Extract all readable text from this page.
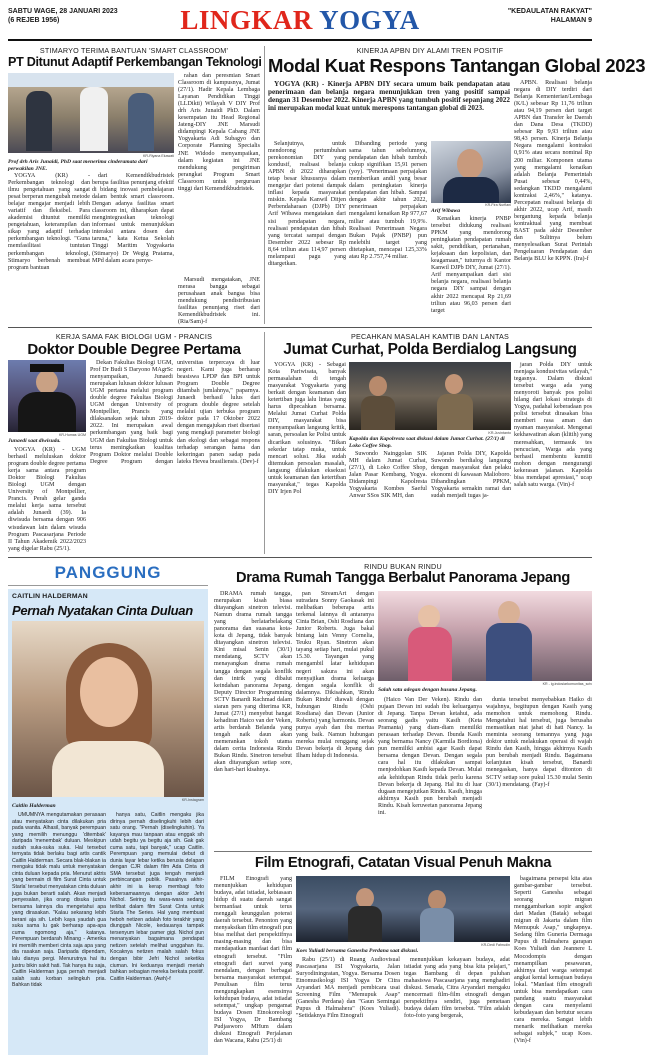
SABTU WAGE, 28 JANUARI 2023
(6 REJEB 1956)	LINGKAR YOGYA	"KEDAULATAN RAKYAT"
HALAMAN 9
STIMARYO TERIMA BANTUAN 'SMART CLASSROOM'
PT Ditunut Adaptif Perkembangan Teknologi
KR-Riyana Ekawati
Prof drh Aris Junaidi, PhD saat menerima cinderamata dari perwakilan JNE.

YOGYA (KR) - Perkembangan teknologi dan ilmu pengetahuan yang sangat pesat berperan mengubah metode belajar mengajar menjadi lebih variatif dan fleksibel. Para akademisi dituntut memiliki pengetahuan, keterampilan dan sikap yang adaptif terhadap perkembangan teknologi. "Guna memfasilitasi tuntutan perkembangan teknologi, Stimaryo berbenah membuat program bantuan

dari Kemendikbudristek berupa fasilitas penunjang efektif di bidang inovasi pembelajaran dalam bentuk smart classroom. Dengan adanya fasilitas smart classroom ini, diharapkan dapat mengintegrasikan teknologi informasi untuk menunjukkan interaksi antara dosen dan taruna," kata Ketua Sekolah Tinggi Maritim Yogyakarta (Stimaryo) Dr Wegig Pratama, MPd dalam acara penye-

rahan dan peresmian Smart Classroom di kampusnya, Jumat (27/1). Hadir Kepala Lembaga Layanan Pendidikan Tinggi (LLDikti) Wilayah V DIY Prof drh Aris Junaidi PhD. Dalam kesempatan itu Head Regional Jateng-DIY JNE Marsudi didampingi Kepala Cabang JNE Yogyakarta Adi Subagyo dan Corporate Planning Specialis JNE Widodo menyampaikan, dalam kegiatan ini JNE mendukung pengiriman perangkat Program Smart Classroom untuk perguruan tinggi dari Kemendikbudristek.

Marsudi mengatakan, JNE merasa bangga sebagai perusahaan anak bangsa bisa mendukung pendistribusian fasilitas penunjang riset dari Kemendikbudristek ini. (Ria/Sam)-f

KINERJA APBN DIY ALAMI TREN POSITIF
Modal Kuat Respons Tantangan Global 2023

YOGYA (KR) - Kinerja APBN DIY secara umum baik pendapatan atau penerimaan dan belanja negara menunjukkan tren yang positif sampai dengan 31 Desember 2022. Kinerja APBN yang tumbuh positif sepanjang 2022 ini merupakan modal kuat untuk merespons tantangan global di 2023.

Selanjutnya, untuk mendorong pertumbuhan perekonomian DIY yang kondusif, realisasi belanja APBN di 2022 diharapkan tetap besar khususnya dalam mengejar dari potensi dampak inflasi kepada masyarakat miskin. Kepala Kanwil Ditjen Perbendaharaan (DJPb) DIY Arif Wibawa mengatakan dari sisi pendapatan negara, realisasi pendapatan dan hibah yang tercatat sampai dengan Desember 2022 sebesar Rp 8,64 triliun atau 114,97 persen melampaui pagu yang ditargetkan.

Dibanding periode yang sama tahun sebelumnya, pendapatan dan hibah tumbuh cukup signifikan 15,91 persen (yoy). "Penerimaan perpajakan memberikan andil yang besar dalam peningkatan kinerja pendapatan dan hibah. Sampai dengan akhir tahun 2022, penerimaan perpajakan mengalami kenaikan Rp 977,67 miliar atau tumbuh 19,9%. Realisasi Penerimaan Negara Bukan Pajak (PNBP) pun melebihi target yang ditetapkan, mencapai 125,33% atau Rp 2.757,74 miliar.

KR-Fira Nurfiani
Arif Wibawa

Kenaikan kinerja PNBP tersebut didukung realisasi PPKM yang mendorong peningkatan pendapatan rumah sakit, pendidikan, pertanahan, kejaksaan dan kepolisian, dan keagamaan," tuturnya di Kantor Kanwil DJPb DIY, Jumat (27/1). Arif menyampaikan dari sisi belanja negara, realisasi belanja negara DIY sampai dengan akhir 2022 mencapai Rp 21,69 triliun atau 96,03 persen dari target

APBN. Realisasi belanja negara di DIY terdiri dari Belanja Kementerian/Lembaga (K/L) sebesar Rp 11,76 triliun atau 94,19 persen dari target APBN dan Transfer ke Daerah dan Dana Desa (TKDD) sebesar Rp 9,93 triliun atau 98,43 persen. Kinerja Belanja Negara mengalami kontraksi 0,91% atau secara nominal Rp 200 miliar. Komponen utama yang mengalami kenaikan adalah Belanja Pemerintah Pusat sebesar 0,44%, sedangkan TKDD mengalami kontraksi 2,46%," katanya. Percepatan realisasi belanja di akhir 2022, ucap Arif, masih bergantung kepada belanja kontraktual yang membuat BAST pada akhir Desember dan Sulitnya belum menyelesaikan Surat Perintah Pengeluaran Pendapatan dan Belanja BLU ke KPPN. (Ira)-f

KERJA SAMA FAK BIOLOGI UGM - PRANCIS
Doktor Double Degree Pertama
KR-Humas UGM
Junaedi saat diwisuda.

YOGYA (KR) - UGM berhasil meluluskan doktor program double degree pertama kerja sama antara program Doktor Biologi Fakultas Biologi UGM dengan University of Montpellier, Prancis. Perah gelar ganda melalui kerja sama tersebut adalah Junaedi (39). Ia diwisuda bersama dengan 906 wisudawan lain dalam wisuda Program Pascasarjana Periode II Tahun Akademik 2022/2023 yang digelar Rabu (25/1).

Dekan Fakultas Biologi UGM, Prof Dr Budi S Daryono MAgrSc menyampaikan, Junaedi merupakan lulusan doktor lulusan UGM pertama melalui program double degree Fakultas Biologi UGM dengan University of Montpellier, Prancis yang dilaksanakan sejak tahun 2019-2022. Ini merupakan awal perkembangan yang baik bagi UGM dan Fakultas Biologi untuk terus meningkatkan kualitas Program Doktor melalui Double Degree Program dengan universitas terpercaya di luar negeri. Kami juga berharap beasiswa LPDP dan BPI untuk Program Double Degree ditambah jumlahnya," paparnya. Junaedi berhasil lulus dari program double degree setelah melalui ujian terbuka program doktor pada 17 Oktober 2022 dengan mengajukan riset disertasi yang mengkaji parameter biologi dan ekologi dan sebagai respons terhadap serangan hama dan kekeringan panen sadap pada lateks Hevea brasiliensis. (Dev)-f

PECAHKAN MASALAH KAMTIB DAN LANTAS
Jumat Curhat, Polda Berdialog Langsung

YOGYA (KR) - Sebagai Kota Pariwisata, banyak permasalahan di tengah masyarakat Yogyakarta yang berkait dengan keamanan dan ketertiban juga lalu lintas yang harus dipecahkan bersama. Melalui Jumat Curhat Polda DIY, masyarakat bisa menyampaikan langsung kritik, saran, persoalan ke Polisi untuk dicarikan solusinya. "Bikan sekedar tatap muka, untuk mencari solusi. Jika sudah ditemukan persoalan masalah, langsung dilakukan eksekusi untuk keamanan dan ketertiban masyarakat," tegas Kapolda DIY Irjen Pol

KR-Juvintanto
Kapolda dan Kapolresta saat diskusi dalam Jumat Curhat. (27/1) di Loko Coffee Shop.

Suwondo Nainggolan SIK MH dalam Jumat Curhat, (27/1), di Loko Coffee Shop, Jalan Pasar Kembang, Yogya. Didampingi Kapolresta Yogyakarta Kombes Saeful Anwar SSos SIK MH, dan

Jajaran Polda DIY, Kapolda Suwondo berdialog langsung dengan masyarakat dan pelaku ekonomi di kawasan Malioboro. Dibandingkan PPKM, Yogyakarta semakin ramai dan sudah menjadi tugas ja-

jaran Polda DIY untuk menjaga kondusivitas wilayah," tegasnya. Dalam diskusi tersebut warga ada yang menyoroti banyak pos polisi hilang dari lokasi strategis di Yogya, padahal keberadaan pos polisi tersebut dirasakan bisa memberi rasa aman dan nyaman masyarakat. Mengenai kekhawatiran akan (klitih) yang meresahkan, termasuk tes pencucian, Warga ada yang berhasil membentu kumtiti mohon dengan mengurangi kekerasan jalanan. Kapolda bisa mendapat apresiasi," ucap salah satu warga. (Vin)-f

PANGGUNG
CAITLIN HALDERMAN
Pernah Nyatakan Cinta Duluan
KR-Instagram
Caitlin Halderman

UMUMNYA mengutamakan perasaan atau menyatakan cinta dilakukan pria pada wanita. Alhasil, banyak perempuan yang memilih menunggu 'ditembak' daripada 'menembak' duluan. Meskipun sudah suka-suka suka. Hal tersebut ternyata tidak berlaku bagi artis cantik Caitlin Halderman. Secara blak-blakan ia mengaku tidak malu untuk menyatakan cinta duluan kepada pria. Menurut aktris yang bermain di film Surat Cinta untuk Starla' tersebut menyatakan cinta duluan juga bukan berarti salah. Akan menjadi penyesalan, jika orang disuka justru bersama lainnya dia mengetahui apa yang dirasakan. "Kalau sekarang lebih berani aja sih. Lebih kaya yaudah gua suka sama lu gak berharap apa-apa cuma ngomong aja," katanya. Perempuan berdarah Minang - Amerika ini memilih memberi cinta saja apa yang dia rasakan saja. Daripada dipendam, lalu dianya pergi. Menurutnya hal itu justru bikin sakit hati. Tak hanya itu saja, Caitlin Halderman juga pernah menjadi salah satu korban selingkuh pria. Bahkan tidak

hanya satu, Caitlin mengaku jika dirinya pernah diselingkuhi lebih dari satu orang. "Pernah (diselingkuhin). Ya kayanya mau tanpaan atau enggak sih udah begitu ya begitu aja sih. Gak gak cuma satu, tapi banyak," ucap Caitlin. Perempuan yang memulai debut di dunia layar lebar ketika berusia delapan dengan CJR dalam film Ada Cinta di SMA tersebut juga tengah menjadi perbincangan publik. Pasalnya akhir-akhir ini ia kerap membagi foto kebersamaannya dengan aktor Jefri Nichol. Seiring itu wara-wara sedang terlibat dalam film Surat Cinta untuk Starla The Series. Hal yang membuat heboh netizen adalah foto terakhir yang diunggah Nicole, kedauanya tampak tersenyum lebar pamer gigi. Nichol pun menanyakan bagaimana pendapat netizen setelah melihat unggahan itu. Kocaknya netizen malah salah fokus dengan bibir Jefri Nichol seketika ciuman. Ini keduanya menjadi meriah bahkan sebagian mereka berkata positif. Caitlin Halderman. (Awh)-f

RINDU BUKAN RINDU
Drama Rumah Tangga Berbalut Panorama Jepang

DRAMA rumah tangga, merupakan kisah biasa ditayangkan sinetron televisi. Namun drama rumah tangga yang berlatarbelakang panorama dan suasana kota-kota di Jepang, tidak banyak ditayangkan sinetron televisi. Kini misal Senin (30/1) mendatang, SCTV akan menayangkan drama rumah tangga dengan segala konflik dan intrik yang dibalut keindahan panorama Jepang. Deputy Director Programming SCTV Banardi Rachmad dalam siaran pers yang diterima KR, Jumat (27/1) menyebut hangat kehadiran Haico van der Veken, artis berdarah Belanda yang tengah naik daun akan memerankan tokoh utama dalam cerita Indonesia Rindu Bukan Rindu. Sinetron tersebut akan ditayangkan setiap sore, dan hari-hari kisahnya.

pan StreamArt dengan sutradara Sonny Gaokasak ini melibatkan beberapa artis terkenal lainnya di antaranya Cinta Brian, Oshi Rosdiana dan Junior Roberts. Juga bakal bintang lain Venny Cornelia, Teuku Ryan. Sinetron akan tayang setiap hari, mulai pukul 15.30. Tayangan yang mengambil latar kehidupan negeri sakura ini akan menyajikan drama keluarga dengan segala konflik di dalamnya. Dikisahkan, 'Rindu Bukan Rindu' diawali dengan hubungan Rindu (Oshi Rosdiana) dan Devan (Junior Roberts) yang harmonis. Devan punya ayah dan ibu mertua yang baik. Namun hubungan mereka mulai renggang sejak Devan bekerja di Jepang dan Ilham hidup di Indonesia.

KR - ig.indosiarkomunitas_sctv
Salah satu adegan dengan busana Jepang.

(Haico Van Der Veken). Rindu dan pujaan Devan ini sudah ibu keluarganya di Jepang. Tanpa Devan ketahui, ada seorang gadis yaitu Kasih (Keta Pramanta) yang diam-diam memiliki perasaan terhadap Devan. Ibunda Kasih yang bernama Nancy (Karmila Bordiona) pun memiliki ambisi agar Kasih dapat bersama dengan Devan. Dengan segala cara hal itu dilakukan sampai menjodohkan Kasih kepada Devan. Mulai ada kehidupan Rindu tidak perlu karena Devan bekerja di Jepang. Hal itu di luar dugaan mengejutkan Rindu. Kasih, hingga akhirnya Kasih pun berubah menjadi Rindu. Kisah keruwetan panorama Jepang ini.

dunia tersebut menyebabkan Haiko di wajahnya, begitupun dengan Kasih yang memohon untuk memohong Rindu. Mengetahui hal tersebut, juga berusaha memastikan niat jahat di hati Nancy. Ia meminta seorang temannya yang juga doktor untuk melakukan operasi di wajah Rindu dan Kasih, hingga akhirnya Kasih pun berubah menjadi Rindu. Bagaimana kelanjutan kisah tersebut, Banardi menegaskan, hanya dapat ditonton di SCTV setiap sore pukul 15.30 mulai Senin (30/1) mendatang. (Fay)-f

Film Etnografi, Catatan Visual Penuh Makna

FILM Etnografi yang menunjukkan kehidupan budaya, adat istiadat, kebiasaan hidup di suatu daerah sangat bermanfaat untuk terus menggali keunggulan potensi daerah tersebut. Penonton yang menyaksikan film etnografi pun bisa melihat dari perspektifnya masing-masing dan bisa mendapatkan manfaat dari film etnografi tersebut. "Film etnografi dari survei yang mendalam, dengan berbagai bersama masyarakat setempat. Penulisan film terus mengungkapkan esensinya kehidupan budaya, adat istiadat setempat," ungkap pengamat budaya Dosen Etnokoreologi ISI Yogya, Dr Bambang Pudjasworo MHum dalam diskusi Etnografi Perjalanan dan Wacana, Rabu (25/1) di

KR-Dedi Fahrudin
Koes Yuliadi bersama Ganesha Perdana saat diskusi.

Rabu (25/1) di Ruang Audiovisual Pascasarjana ISI Yogyakarta, Jalan Suryodiningratan, Yogya. Bersama Dosen Etnomusikologi ISI Yogya Dr Citra Aryandari MA menjadi pembicara usai Screening Film "Memupuk Asap" (Ganesha Perdana) dan "Gaun Semingai Pupus di Halmahera" (Koes Yuliadi). "Setidaknya Film Etnografi

menunjukkan kekayaan budaya, adat istiadat yang ada yang bisa kita pelajari," tegas Bambang di depan puluhan mahasiswa Pascasarjana yang menghadiri diskusi. Senada, Citra Aryandari mengaku mencermati film-film etnografi dengan perspektifnya sendiri, juga pemetaan budaya dalam film tersebut. "Film adalah foto-foto yang bergerak,

bagaimana persepsi kita atas gambar-gambar tersebut. Seperti Ganesha sebagai seorang migran menggambarkan sopir angkot dari Madan (Batak) sebagai migran di Jakarta dalam film Memupuk Asap," ungkapnya. Sedang film Guneria Dermaga Pupus di Halmahera garapan Koes Yuliadi dan Jeannere L Mocodompis dengan menampilkan pesawaran, akhirnya dari warga setempat angkat kental kemajuan budaya lokal. "Manfaat film etnografi untuk bisa mendapatkan cara pandang suatu masyarakat dengan cara menyelami kebudayaan dan bertutur secara cara mereka. Sangat lebih menarik melihatkan mereka sebagai subjek," ucap Koes. (Vin)-f
